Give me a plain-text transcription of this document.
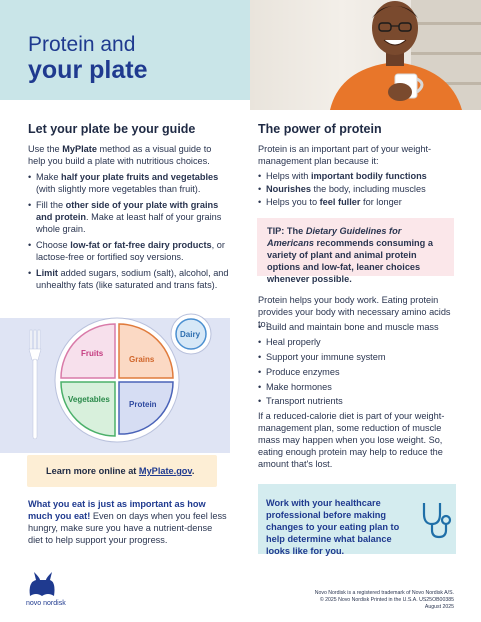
Protein and
your plate
Let your plate be your guide
Use the MyPlate method as a visual guide to help you build a plate with nutritious choices.
• Make half your plate fruits and vegetables (with slightly more vegetables than fruit).
• Fill the other side of your plate with grains and protein. Make at least half of your grains whole grain.
• Choose low-fat or fat-free dairy products, or lactose-free or fortified soy versions.
• Limit added sugars, sodium (salt), alcohol, and unhealthy fats (like saturated and trans fats).
Fruits
Grains
Vegetables
Protein
Dairy
Learn more online at MyPlate.gov.
What you eat is just as important as how much you eat! Even on days when you feel less hungry, make sure you have a nutrient-dense diet to help support your progress.
The power of protein
Protein is an important part of your weight-management plan because it:
• Helps with important bodily functions
• Nourishes the body, including muscles
• Helps you to feel fuller for longer
TIP: The Dietary Guidelines for Americans recommends consuming a variety of plant and animal protein options and low-fat, leaner choices whenever possible.
Protein helps your body work. Eating protein provides your body with necessary amino acids to:
• Build and maintain bone and muscle mass
• Heal properly
• Support your immune system
• Produce enzymes
• Make hormones
• Transport nutrients
If a reduced-calorie diet is part of your weight-management plan, some reduction of muscle mass may happen when you lose weight. So, eating enough protein may help to reduce the amount that's lost.
Work with your healthcare professional before making changes to your eating plan to help determine what balance looks like for you.
novo nordisk
Novo Nordisk is a registered trademark of Novo Nordisk A/S.
© 2025 Novo Nordisk Printed in the U.S.A. US25OB00385 August 2025
